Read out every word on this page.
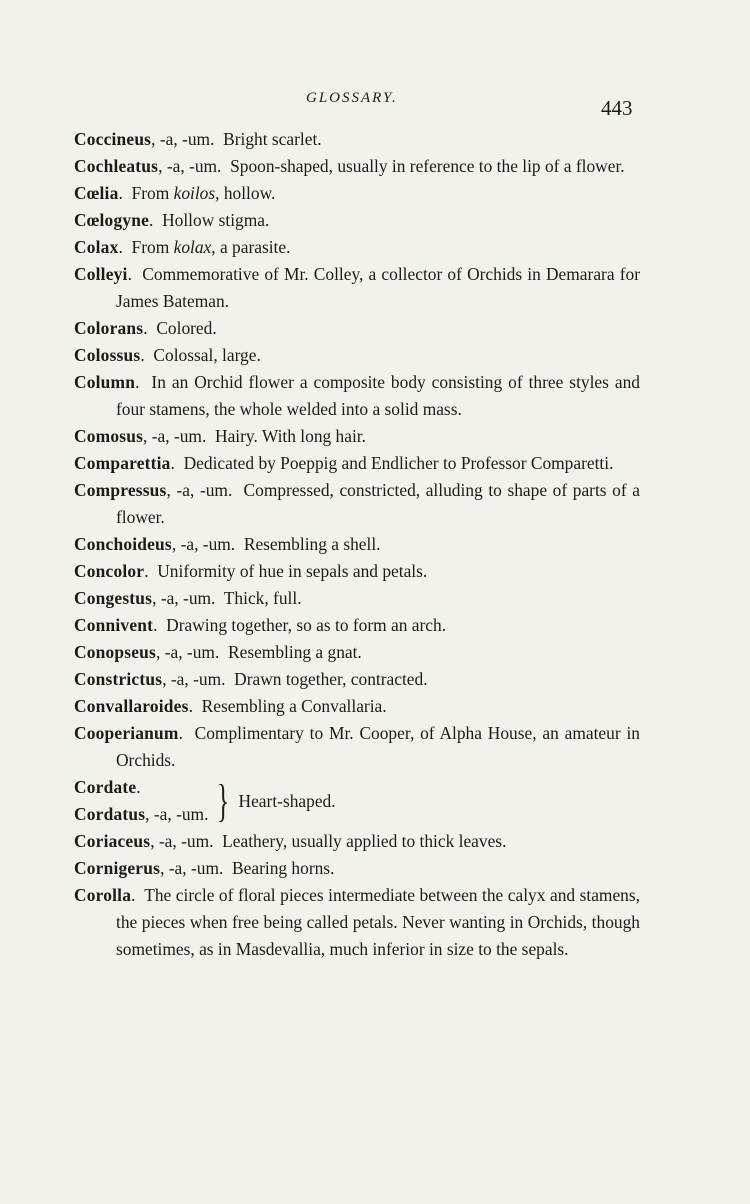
GLOSSARY.	443
Coccineus, -a, -um. Bright scarlet.
Cochleatus, -a, -um. Spoon-shaped, usually in reference to the lip of a flower.
Cœlia. From koilos, hollow.
Cœlogyne. Hollow stigma.
Colax. From kolax, a parasite.
Colleyi. Commemorative of Mr. Colley, a collector of Orchids in Demarara for James Bateman.
Colorans. Colored.
Colossus. Colossal, large.
Column. In an Orchid flower a composite body consisting of three styles and four stamens, the whole welded into a solid mass.
Comosus, -a, -um. Hairy. With long hair.
Comparettia. Dedicated by Poeppig and Endlicher to Professor Comparetti.
Compressus, -a, -um. Compressed, constricted, alluding to shape of parts of a flower.
Conchoideus, -a, -um. Resembling a shell.
Concolor. Uniformity of hue in sepals and petals.
Congestus, -a, -um. Thick, full.
Connivent. Drawing together, so as to form an arch.
Conopseus, -a, -um. Resembling a gnat.
Constrictus, -a, -um. Drawn together, contracted.
Convallaroides. Resembling a Convallaria.
Cooperianum. Complimentary to Mr. Cooper, of Alpha House, an amateur in Orchids.
Cordate.
Cordatus, -a, -um. } Heart-shaped.
Coriaceus, -a, -um. Leathery, usually applied to thick leaves.
Cornigerus, -a, -um. Bearing horns.
Corolla. The circle of floral pieces intermediate between the calyx and stamens, the pieces when free being called petals. Never wanting in Orchids, though sometimes, as in Masdevallia, much inferior in size to the sepals.
